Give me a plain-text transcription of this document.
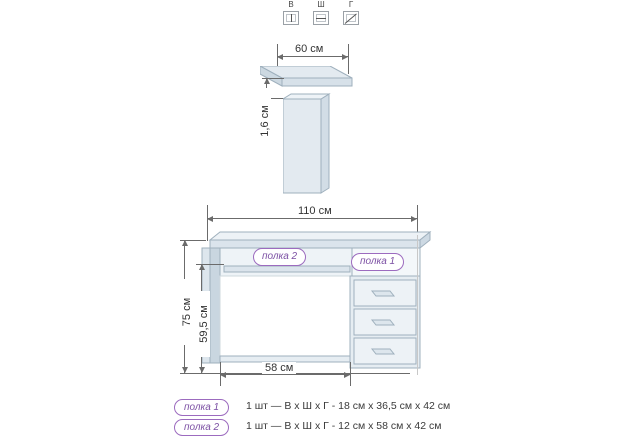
В	Ш	Г
60 см
1,6 см
110 см
полка 2	полка 1
75 см 59,5 см
58 см
полка 1	1 шт — В х Ш х Г - 18 см х 36,5 см х 42 см
полка 2	1 шт — В х Ш х Г - 12 см х 58 см х 42 см
